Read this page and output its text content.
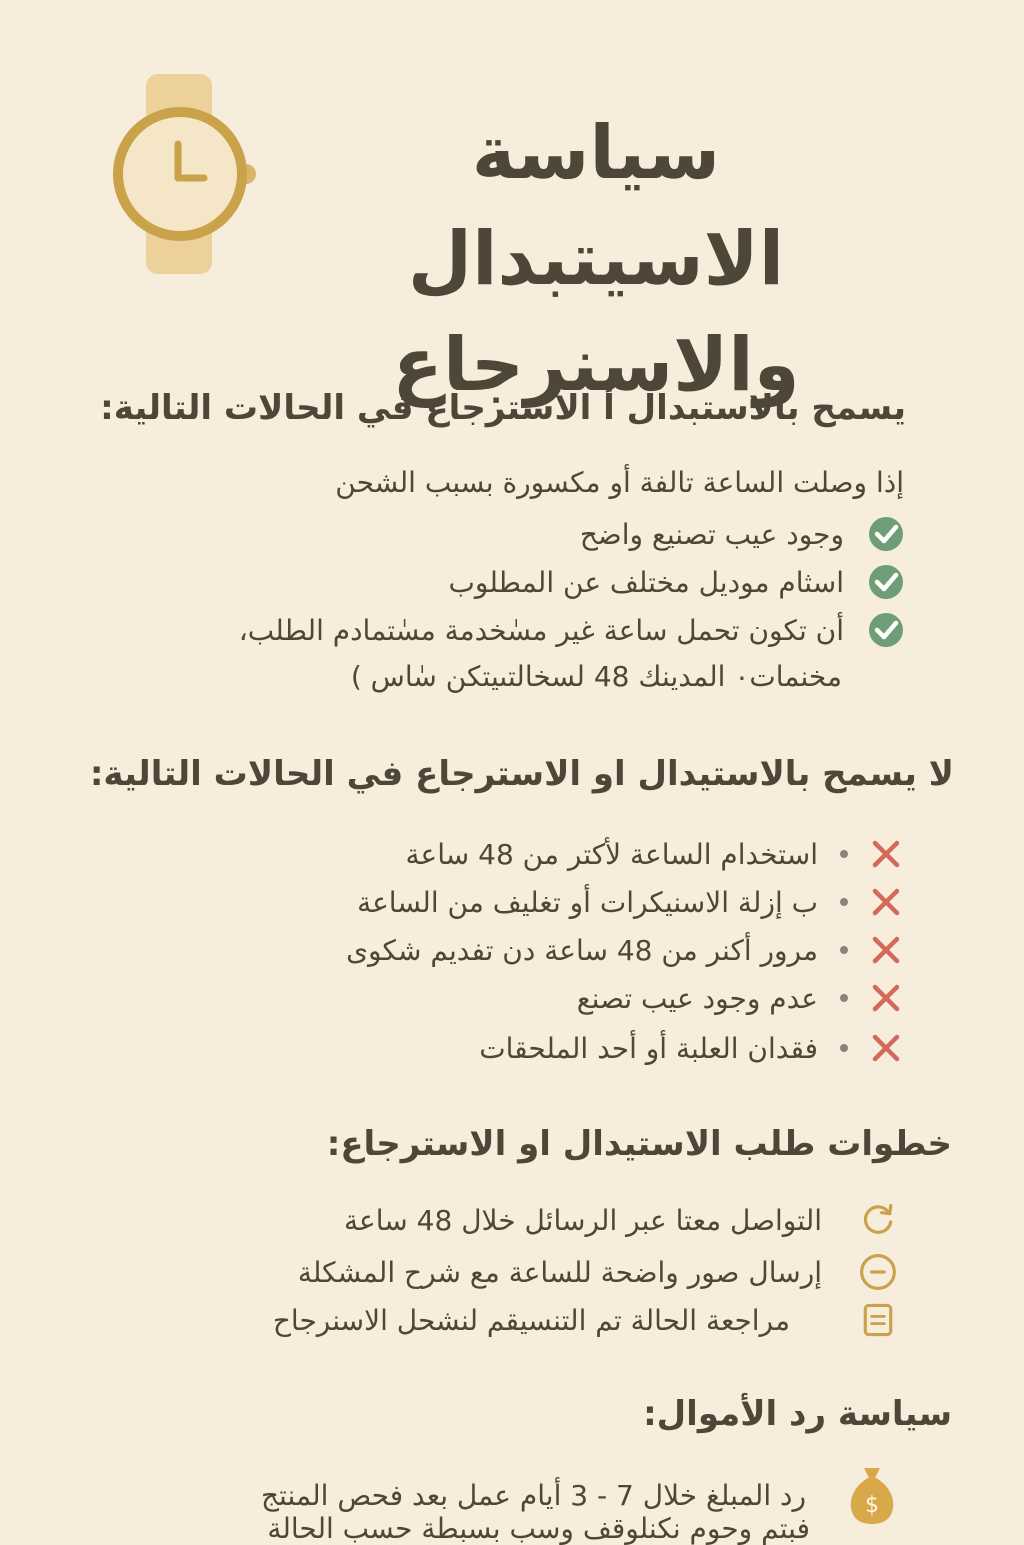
سياسة الاسيتبدال
والاسنرجاع
يسمح بالاستبدال أ الاسترجاع في الحالات التالية:
إذا وصلت الساعة تالفة أو مكسورة بسبب الشحن
وجود عيب تصنيع واضح
اسثام موديل مختلف عن المطلوب
أن تكون تحمل ساعة غير مسٰخدمة مسٰتمادم الطلب،
مخنمات٠ المدينك 48 لسخالتٮيتكن سٰاس )
لا يسمح بالاستيدال او الاسترجاع في الحالات التالية:
استخدام الساعة لأكتر من 48 ساعة
ب إزلة الاسنيكرات أو تغليف من الساعة
مرور أكنر من 48 ساعة دن تفديم شكوى
عدم وجود عيب تصنع
فقدان العلبة أو أحد الملحقات
خطوات طلب الاستيدال او الاسترجاع:
التواصل معتا عبر الرسائل خلال 48 ساعة
إرسال صور واضحة للساعة مع شرح المشكلة
مراجعة الحالة تم التنسيقم لنشحل الاسنرجاح
سياسة رد الأموال:
$
رد المبلغ خلال 7 - 3 أيام عمل بعد فحص المنتج
فبتم وحوم نكنلوقف وسب بسبطة حسب الحالة
